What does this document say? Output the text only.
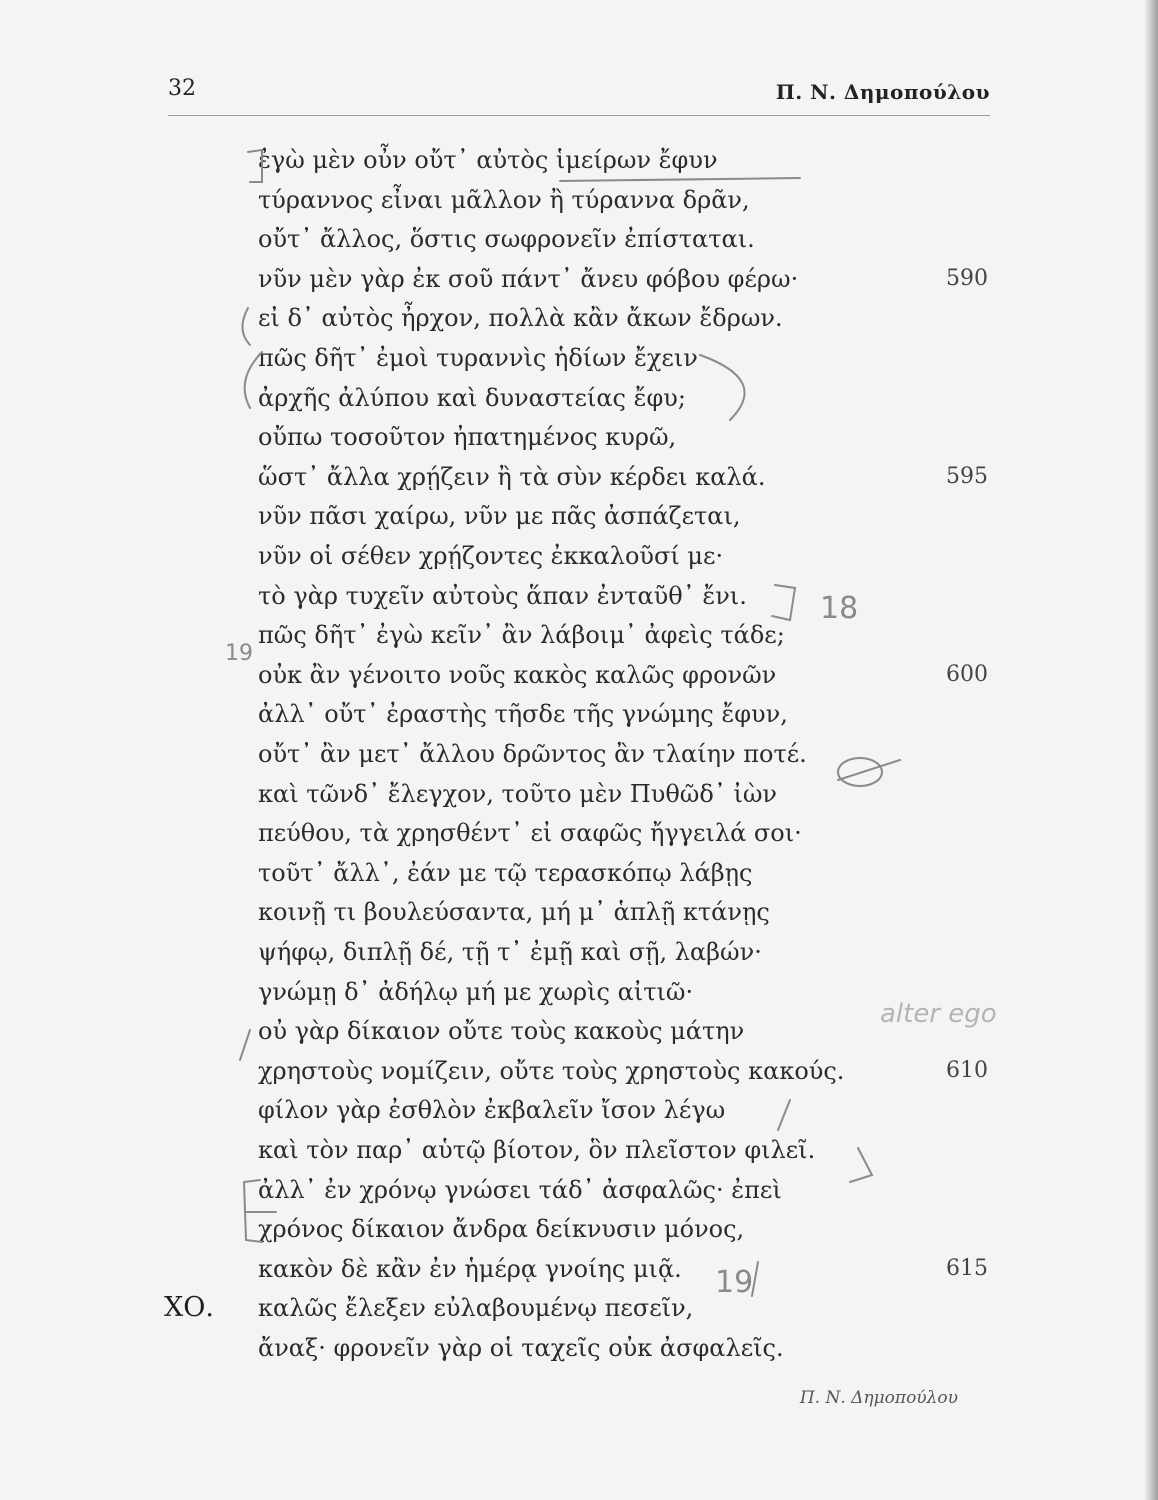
32	Π. Ν. Δημοπούλου
ἐγὼ μὲν οὖν οὔτ᾽ αὐτὸς ἱμείρων ἔφυν
τύραννος εἶναι μᾶλλον ἢ τύραννα δρᾶν,
οὔτ᾽ ἄλλος, ὅστις σωφρονεῖν ἐπίσταται.
νῦν μὲν γὰρ ἐκ σοῦ πάντ᾽ ἄνευ φόβου φέρω·	590
εἰ δ᾽ αὐτὸς ἦρχον, πολλὰ κἂν ἄκων ἔδρων.
πῶς δῆτ᾽ ἐμοὶ τυραννὶς ἡδίων ἔχειν
ἀρχῆς ἀλύπου καὶ δυναστείας ἔφυ;
οὔπω τοσοῦτον ἠπατημένος κυρῶ,
ὥστ᾽ ἄλλα χρῄζειν ἢ τὰ σὺν κέρδει καλά.	595
νῦν πᾶσι χαίρω, νῦν με πᾶς ἀσπάζεται,
νῦν οἱ σέθεν χρῄζοντες ἐκκαλοῦσί με·
τὸ γὰρ τυχεῖν αὐτοὺς ἅπαν ἐνταῦθ᾽ ἔνι.
πῶς δῆτ᾽ ἐγὼ κεῖν᾽ ἂν λάβοιμ᾽ ἀφεὶς τάδε;
οὐκ ἂν γένοιτο νοῦς κακὸς καλῶς φρονῶν	600
ἀλλ᾽ οὔτ᾽ ἐραστὴς τῆσδε τῆς γνώμης ἔφυν,
οὔτ᾽ ἂν μετ᾽ ἄλλου δρῶντος ἂν τλαίην ποτέ.
καὶ τῶνδ᾽ ἔλεγχον, τοῦτο μὲν Πυθῶδ᾽ ἰὼν
πεύθου, τὰ χρησθέντ᾽ εἰ σαφῶς ἤγγειλά σοι·
τοῦτ᾽ ἄλλ᾽, ἐάν με τῷ τερασκόπῳ λάβῃς
κοινῇ τι βουλεύσαντα, μή μ᾽ ἁπλῇ κτάνῃς
ψήφῳ, διπλῇ δέ, τῇ τ᾽ ἐμῇ καὶ σῇ, λαβών·
γνώμῃ δ᾽ ἀδήλῳ μή με χωρὶς αἰτιῶ·
οὐ γὰρ δίκαιον οὔτε τοὺς κακοὺς μάτην
χρηστοὺς νομίζειν, οὔτε τοὺς χρηστοὺς κακούς.	610
φίλον γὰρ ἐσθλὸν ἐκβαλεῖν ἴσον λέγω
καὶ τὸν παρ᾽ αὑτῷ βίοτον, ὃν πλεῖστον φιλεῖ.
ἀλλ᾽ ἐν χρόνῳ γνώσει τάδ᾽ ἀσφαλῶς· ἐπεὶ
χρόνος δίκαιον ἄνδρα δείκνυσιν μόνος,
κακὸν δὲ κἂν ἐν ἡμέρᾳ γνοίης μιᾷ.	615
ΧΟ. καλῶς ἔλεξεν εὐλαβουμένῳ πεσεῖν,
ἄναξ· φρονεῖν γὰρ οἱ ταχεῖς οὐκ ἀσφαλεῖς.
Π. Ν. Δημοπούλου
18
19
19
alter ego
